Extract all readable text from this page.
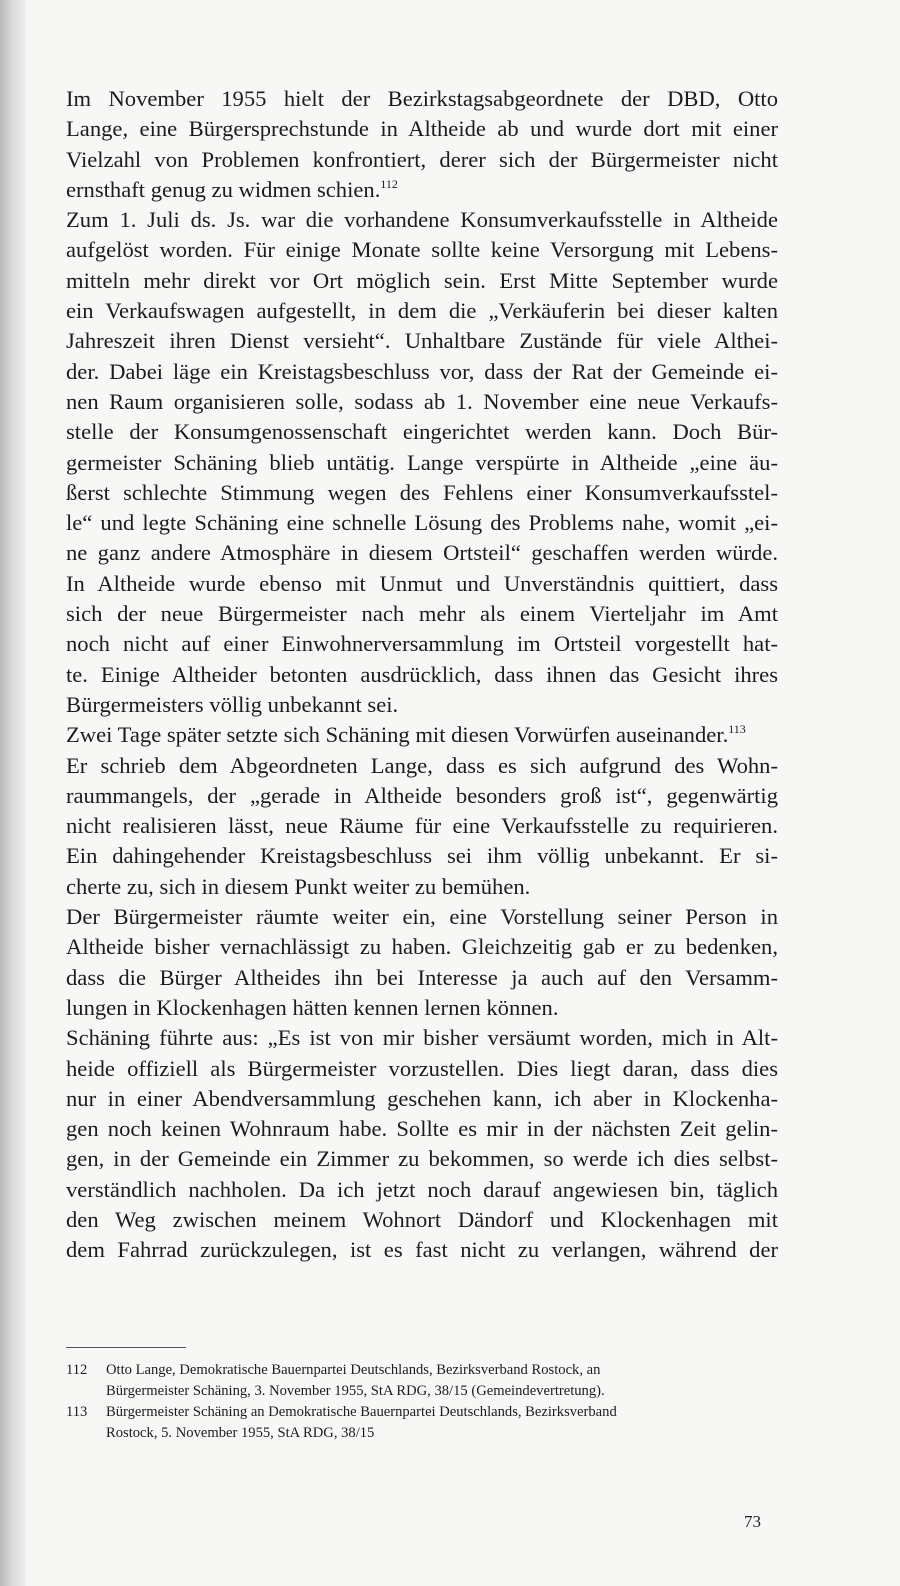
Im November 1955 hielt der Bezirkstagsabgeordnete der DBD, Otto
Lange, eine Bürgersprechstunde in Altheide ab und wurde dort mit einer
Vielzahl von Problemen konfrontiert, derer sich der Bürgermeister nicht
ernsthaft genug zu widmen schien.$^{112}$

Zum 1. Juli ds. Js. war die vorhandene Konsumverkaufsstelle in Altheide
aufgelöst worden. Für einige Monate sollte keine Versorgung mit Lebens-
mitteln mehr direkt vor Ort möglich sein. Erst Mitte September wurde
ein Verkaufswagen aufgestellt, in dem die „Verkäuferin bei dieser kalten
Jahreszeit ihren Dienst versieht“. Unhaltbare Zustände für viele Althei-
der. Dabei läge ein Kreistagsbeschluss vor, dass der Rat der Gemeinde ei-
nen Raum organisieren solle, sodass ab 1. November eine neue Verkaufs-
stelle der Konsumgenossenschaft eingerichtet werden kann. Doch Bür-
germeister Schäning blieb untätig. Lange verspürte in Altheide „eine äu-
ßerst schlechte Stimmung wegen des Fehlens einer Konsumverkaufsstel-
le“ und legte Schäning eine schnelle Lösung des Problems nahe, womit „ei-
ne ganz andere Atmosphäre in diesem Ortsteil“ geschaffen werden würde.
In Altheide wurde ebenso mit Unmut und Unverständnis quittiert, dass
sich der neue Bürgermeister nach mehr als einem Vierteljahr im Amt
noch nicht auf einer Einwohnerversammlung im Ortsteil vorgestellt hat-
te. Einige Altheider betonten ausdrücklich, dass ihnen das Gesicht ihres
Bürgermeisters völlig unbekannt sei.

Zwei Tage später setzte sich Schäning mit diesen Vorwürfen auseinander.$^{113}$

Er schrieb dem Abgeordneten Lange, dass es sich aufgrund des Wohn-
raummangels, der „gerade in Altheide besonders groß ist“, gegenwärtig
nicht realisieren lässt, neue Räume für eine Verkaufsstelle zu requirieren.
Ein dahingehender Kreistagsbeschluss sei ihm völlig unbekannt. Er si-
cherte zu, sich in diesem Punkt weiter zu bemühen.

Der Bürgermeister räumte weiter ein, eine Vorstellung seiner Person in
Altheide bisher vernachlässigt zu haben. Gleichzeitig gab er zu bedenken,
dass die Bürger Altheides ihn bei Interesse ja auch auf den Versamm-
lungen in Klockenhagen hätten kennen lernen können.

Schäning führte aus: „Es ist von mir bisher versäumt worden, mich in Alt-
heide offiziell als Bürgermeister vorzustellen. Dies liegt daran, dass dies
nur in einer Abendversammlung geschehen kann, ich aber in Klockenha-
gen noch keinen Wohnraum habe. Sollte es mir in der nächsten Zeit gelin-
gen, in der Gemeinde ein Zimmer zu bekommen, so werde ich dies selbst-
verständlich nachholen. Da ich jetzt noch darauf angewiesen bin, täglich
den Weg zwischen meinem Wohnort Dändorf und Klockenhagen mit
dem Fahrrad zurückzulegen, ist es fast nicht zu verlangen, während der

112	Otto Lange, Demokratische Bauernpartei Deutschlands, Bezirksverband Rostock, an
Bürgermeister Schäning, 3. November 1955, StA RDG, 38/15 (Gemeindevertretung).
113	Bürgermeister Schäning an Demokratische Bauernpartei Deutschlands, Bezirksverband
Rostock, 5. November 1955, StA RDG, 38/15
73
